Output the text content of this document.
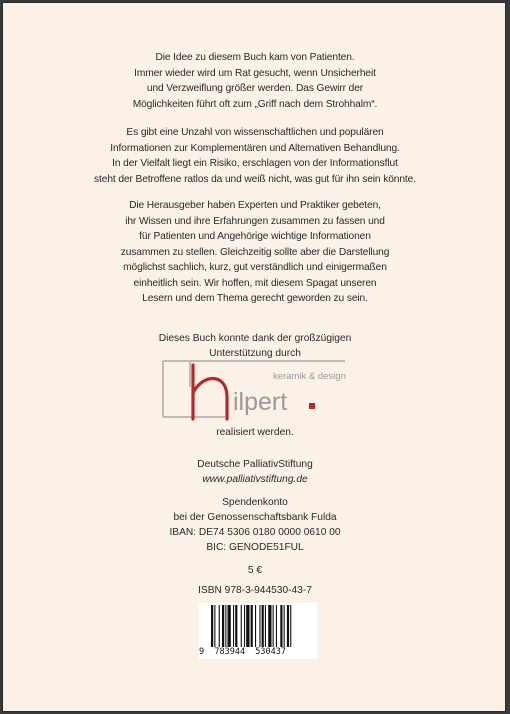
Die Idee zu diesem Buch kam von Patienten.
Immer wieder wird um Rat gesucht, wenn Unsicherheit
und Verzweiflung größer werden. Das Gewirr der
Möglichkeiten führt oft zum „Griff nach dem Strohhalm“.
Es gibt eine Unzahl von wissenschaftlichen und populären
Informationen zur Komplementären und Alternativen Behandlung.
In der Vielfalt liegt ein Risiko, erschlagen von der Informationsflut
steht der Betroffene ratlos da und weiß nicht, was gut für ihn sein könnte.
Die Herausgeber haben Experten und Praktiker gebeten,
ihr Wissen und ihre Erfahrungen zusammen zu fassen und
für Patienten und Angehörige wichtige Informationen
zusammen zu stellen. Gleichzeitig sollte aber die Darstellung
möglichst sachlich, kurz, gut verständlich und einigermaßen
einheitlich sein. Wir hoffen, mit diesem Spagat unseren
Lesern und dem Thema gerecht geworden zu sein.
Dieses Buch konnte dank der großzügigen
Unterstützung durch
ilpert
keramik & design
realisiert werden.
Deutsche PalliativStiftung
www.palliativstiftung.de
Spendenkonto
bei der Genossenschaftsbank Fulda
IBAN: DE74 5306 0180 0000 0610 00
BIC: GENODE51FUL
5 €
ISBN 978-3-944530-43-7
9  783944  530437
